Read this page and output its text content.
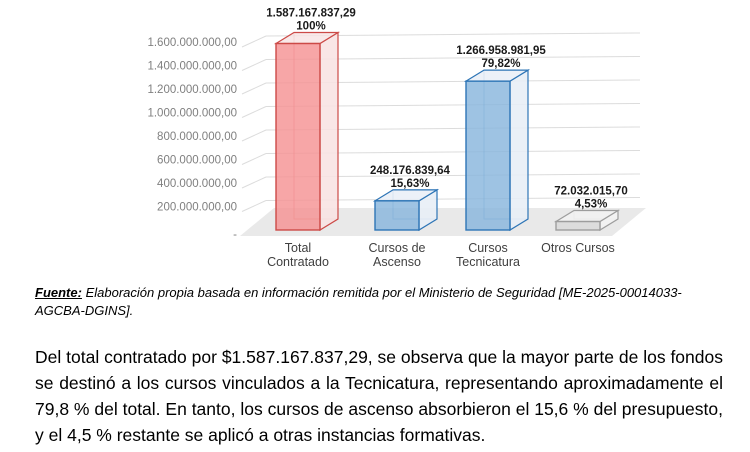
1.600.000.000,00
1.400.000.000,00
1.200.000.000,00
1.000.000.000,00
800.000.000,00
600.000.000,00
400.000.000,00
200.000.000,00
-
1.587.167.837,29
100%
Total
Contratado
248.176.839,64
15,63%
Cursos de
Ascenso
1.266.958.981,95
79,82%
Cursos
Tecnicatura
72.032.015,70
4,53%
Otros Cursos
Fuente: Elaboración propia basada en información remitida por el Ministerio de Seguridad [ME-2025-00014033-AGCBA-DGINS].

Del total contratado por $1.587.167.837,29, se observa que la mayor parte de los fondos se destinó a los cursos vinculados a la Tecnicatura, representando aproximadamente el 79,8 % del total. En tanto, los cursos de ascenso absorbieron el 15,6 % del presupuesto, y el 4,5 % restante se aplicó a otras instancias formativas.
